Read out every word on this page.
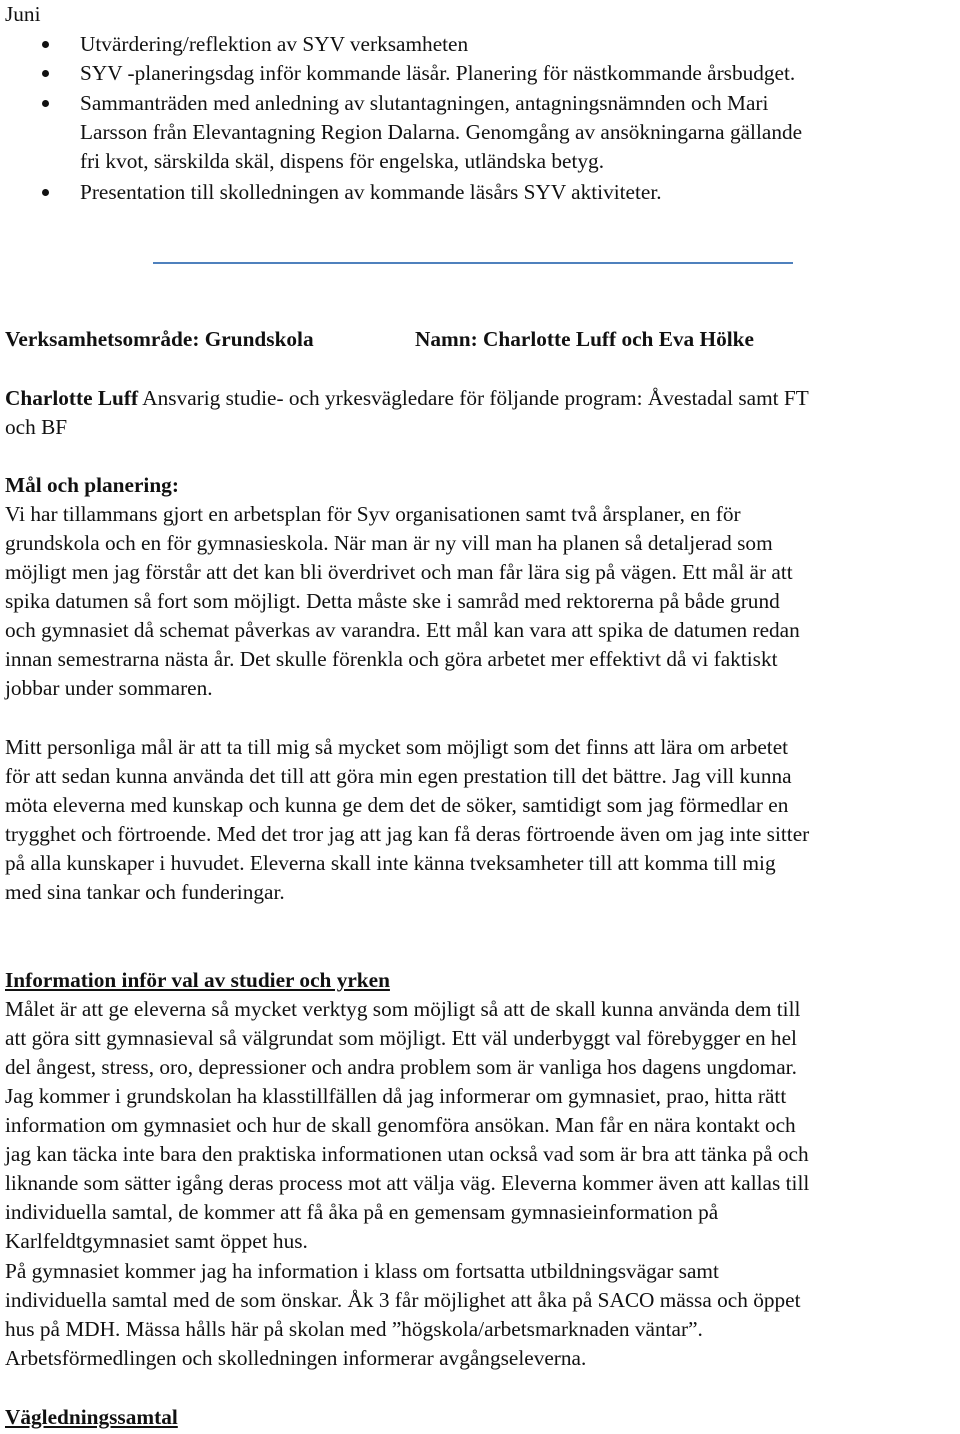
Juni
Utvärdering/reflektion av SYV verksamheten
SYV -planeringsdag inför kommande läsår. Planering för nästkommande årsbudget.
Sammanträden med anledning av slutantagningen, antagningsnämnden och Mari
Larsson från Elevantagning Region Dalarna. Genomgång av ansökningarna gällande
fri kvot, särskilda skäl, dispens för engelska, utländska betyg.
Presentation till skolledningen av kommande läsårs SYV aktiviteter.
Verksamhetsområde: Grundskola	Namn: Charlotte Luff och Eva Hölke
Charlotte Luff Ansvarig studie- och yrkesvägledare för följande program: Åvestadal samt FT
och BF
Mål och planering:
Vi har tillammans gjort en arbetsplan för Syv organisationen samt två årsplaner, en för
grundskola och en för gymnasieskola. När man är ny vill man ha planen så detaljerad som
möjligt men jag förstår att det kan bli överdrivet och man får lära sig på vägen. Ett mål är att
spika datumen så fort som möjligt. Detta måste ske i samråd med rektorerna på både grund
och gymnasiet då schemat påverkas av varandra. Ett mål kan vara att spika de datumen redan
innan semestrarna nästa år. Det skulle förenkla och göra arbetet mer effektivt då vi faktiskt
jobbar under sommaren.
Mitt personliga mål är att ta till mig så mycket som möjligt som det finns att lära om arbetet
för att sedan kunna använda det till att göra min egen prestation till det bättre. Jag vill kunna
möta eleverna med kunskap och kunna ge dem det de söker, samtidigt som jag förmedlar en
trygghet och förtroende. Med det tror jag att jag kan få deras förtroende även om jag inte sitter
på alla kunskaper i huvudet. Eleverna skall inte känna tveksamheter till att komma till mig
med sina tankar och funderingar.
Information inför val av studier och yrken
Målet är att ge eleverna så mycket verktyg som möjligt så att de skall kunna använda dem till
att göra sitt gymnasieval så välgrundat som möjligt. Ett väl underbyggt val förebygger en hel
del ångest, stress, oro, depressioner och andra problem som är vanliga hos dagens ungdomar.
Jag kommer i grundskolan ha klasstillfällen då jag informerar om gymnasiet, prao, hitta rätt
information om gymnasiet och hur de skall genomföra ansökan. Man får en nära kontakt och
jag kan täcka inte bara den praktiska informationen utan också vad som är bra att tänka på och
liknande som sätter igång deras process mot att välja väg. Eleverna kommer även att kallas till
individuella samtal, de kommer att få åka på en gemensam gymnasieinformation på
Karlfeldtgymnasiet samt öppet hus.
På gymnasiet kommer jag ha information i klass om fortsatta utbildningsvägar samt
individuella samtal med de som önskar. Åk 3 får möjlighet att åka på SACO mässa och öppet
hus på MDH. Mässa hålls här på skolan med ”högskola/arbetsmarknaden väntar”.
Arbetsförmedlingen och skolledningen informerar avgångseleverna.
Vägledningssamtal
